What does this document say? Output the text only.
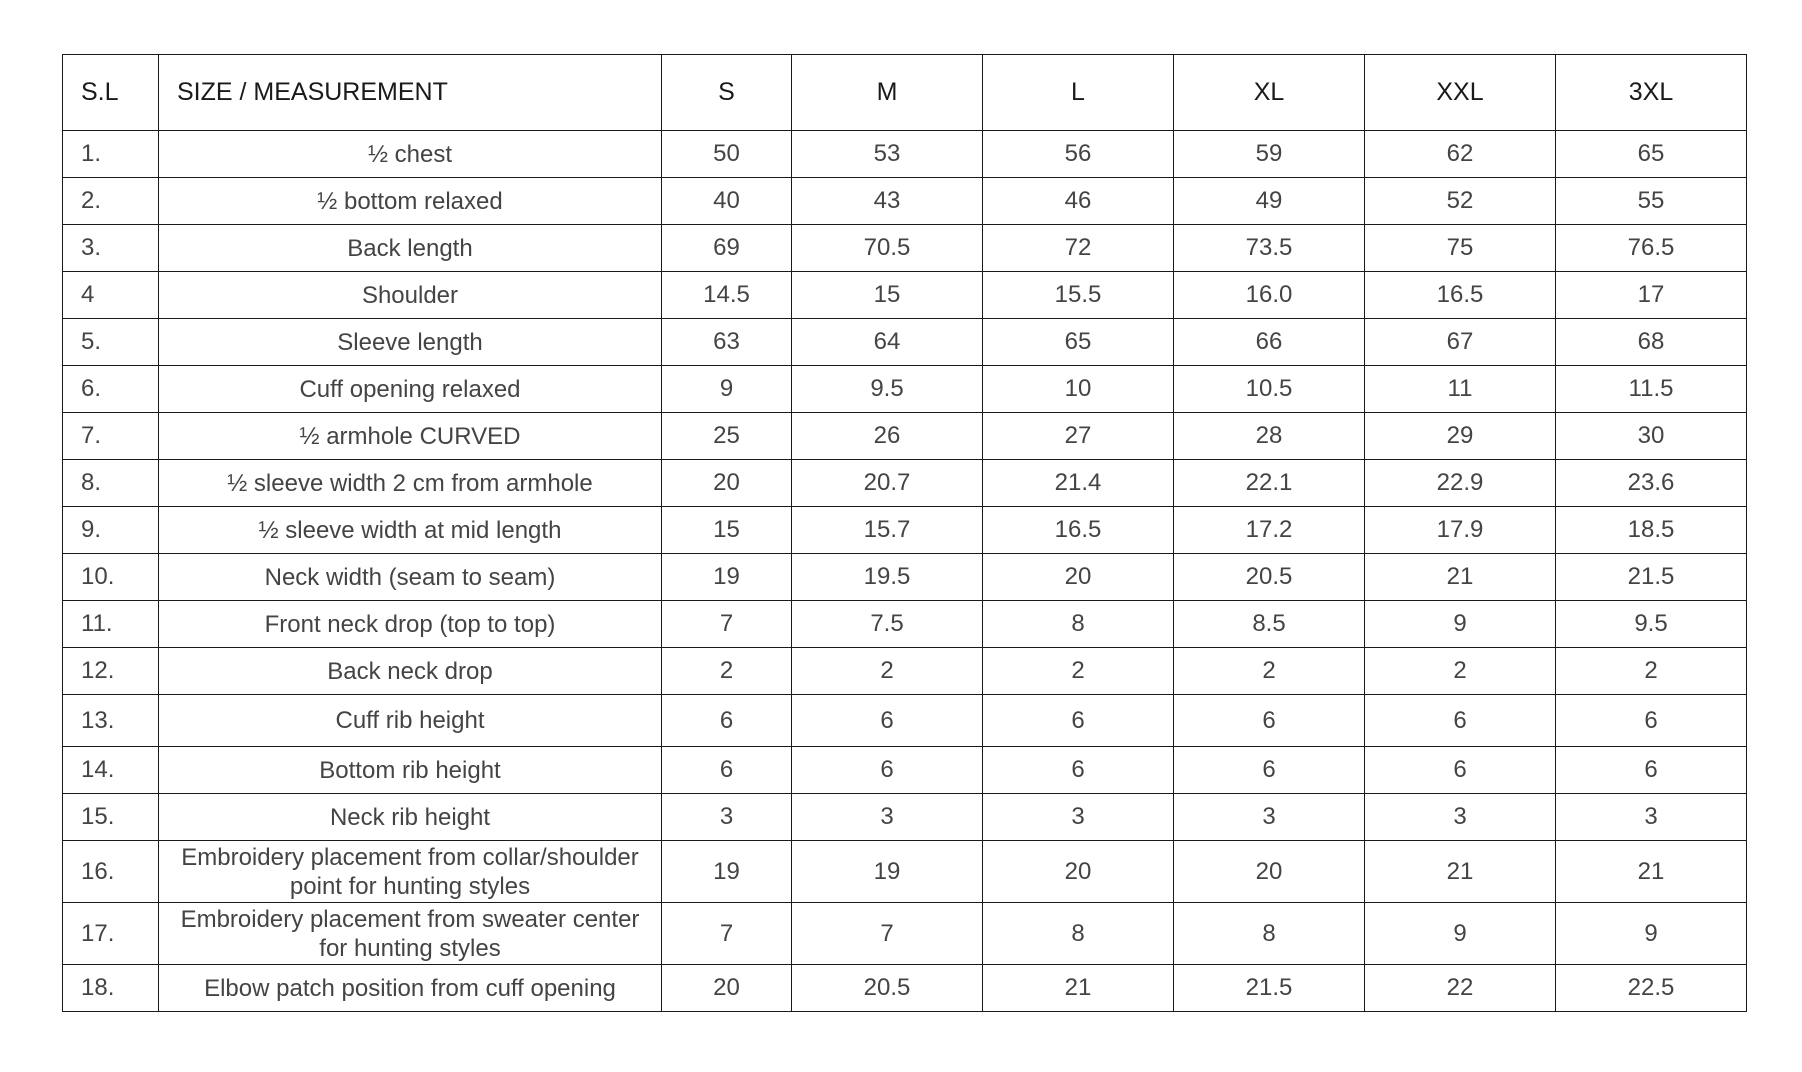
S.L	SIZE / MEASUREMENT	S	M	L	XL	XXL	3XL
1.	½ chest	50	53	56	59	62	65
2.	½ bottom relaxed	40	43	46	49	52	55
3.	Back length	69	70.5	72	73.5	75	76.5
4	Shoulder	14.5	15	15.5	16.0	16.5	17
5.	Sleeve length	63	64	65	66	67	68
6.	Cuff opening relaxed	9	9.5	10	10.5	11	11.5
7.	½ armhole CURVED	25	26	27	28	29	30
8.	½ sleeve width 2 cm from armhole	20	20.7	21.4	22.1	22.9	23.6
9.	½ sleeve width at mid length	15	15.7	16.5	17.2	17.9	18.5
10.	Neck width (seam to seam)	19	19.5	20	20.5	21	21.5
11.	Front neck drop (top to top)	7	7.5	8	8.5	9	9.5
12.	Back neck drop	2	2	2	2	2	2
13.	Cuff rib height	6	6	6	6	6	6
14.	Bottom rib height	6	6	6	6	6	6
15.	Neck rib height	3	3	3	3	3	3
16.	Embroidery placement from collar/shoulder point for hunting styles	19	19	20	20	21	21
17.	Embroidery placement from sweater center for hunting styles	7	7	8	8	9	9
18.	Elbow patch position from cuff opening	20	20.5	21	21.5	22	22.5
